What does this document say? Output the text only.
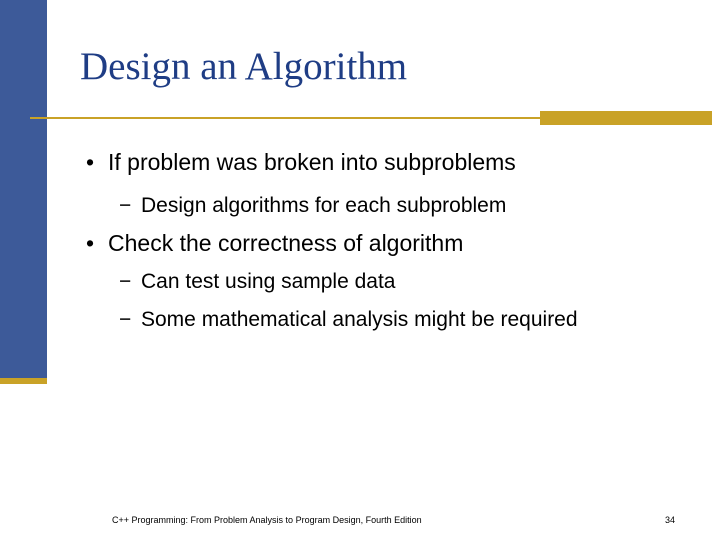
Design an Algorithm
• If problem was broken into subproblems
− Design algorithms for each subproblem
• Check the correctness of algorithm
− Can test using sample data
− Some mathematical analysis might be required
C++ Programming: From Problem Analysis to Program Design, Fourth Edition	34
